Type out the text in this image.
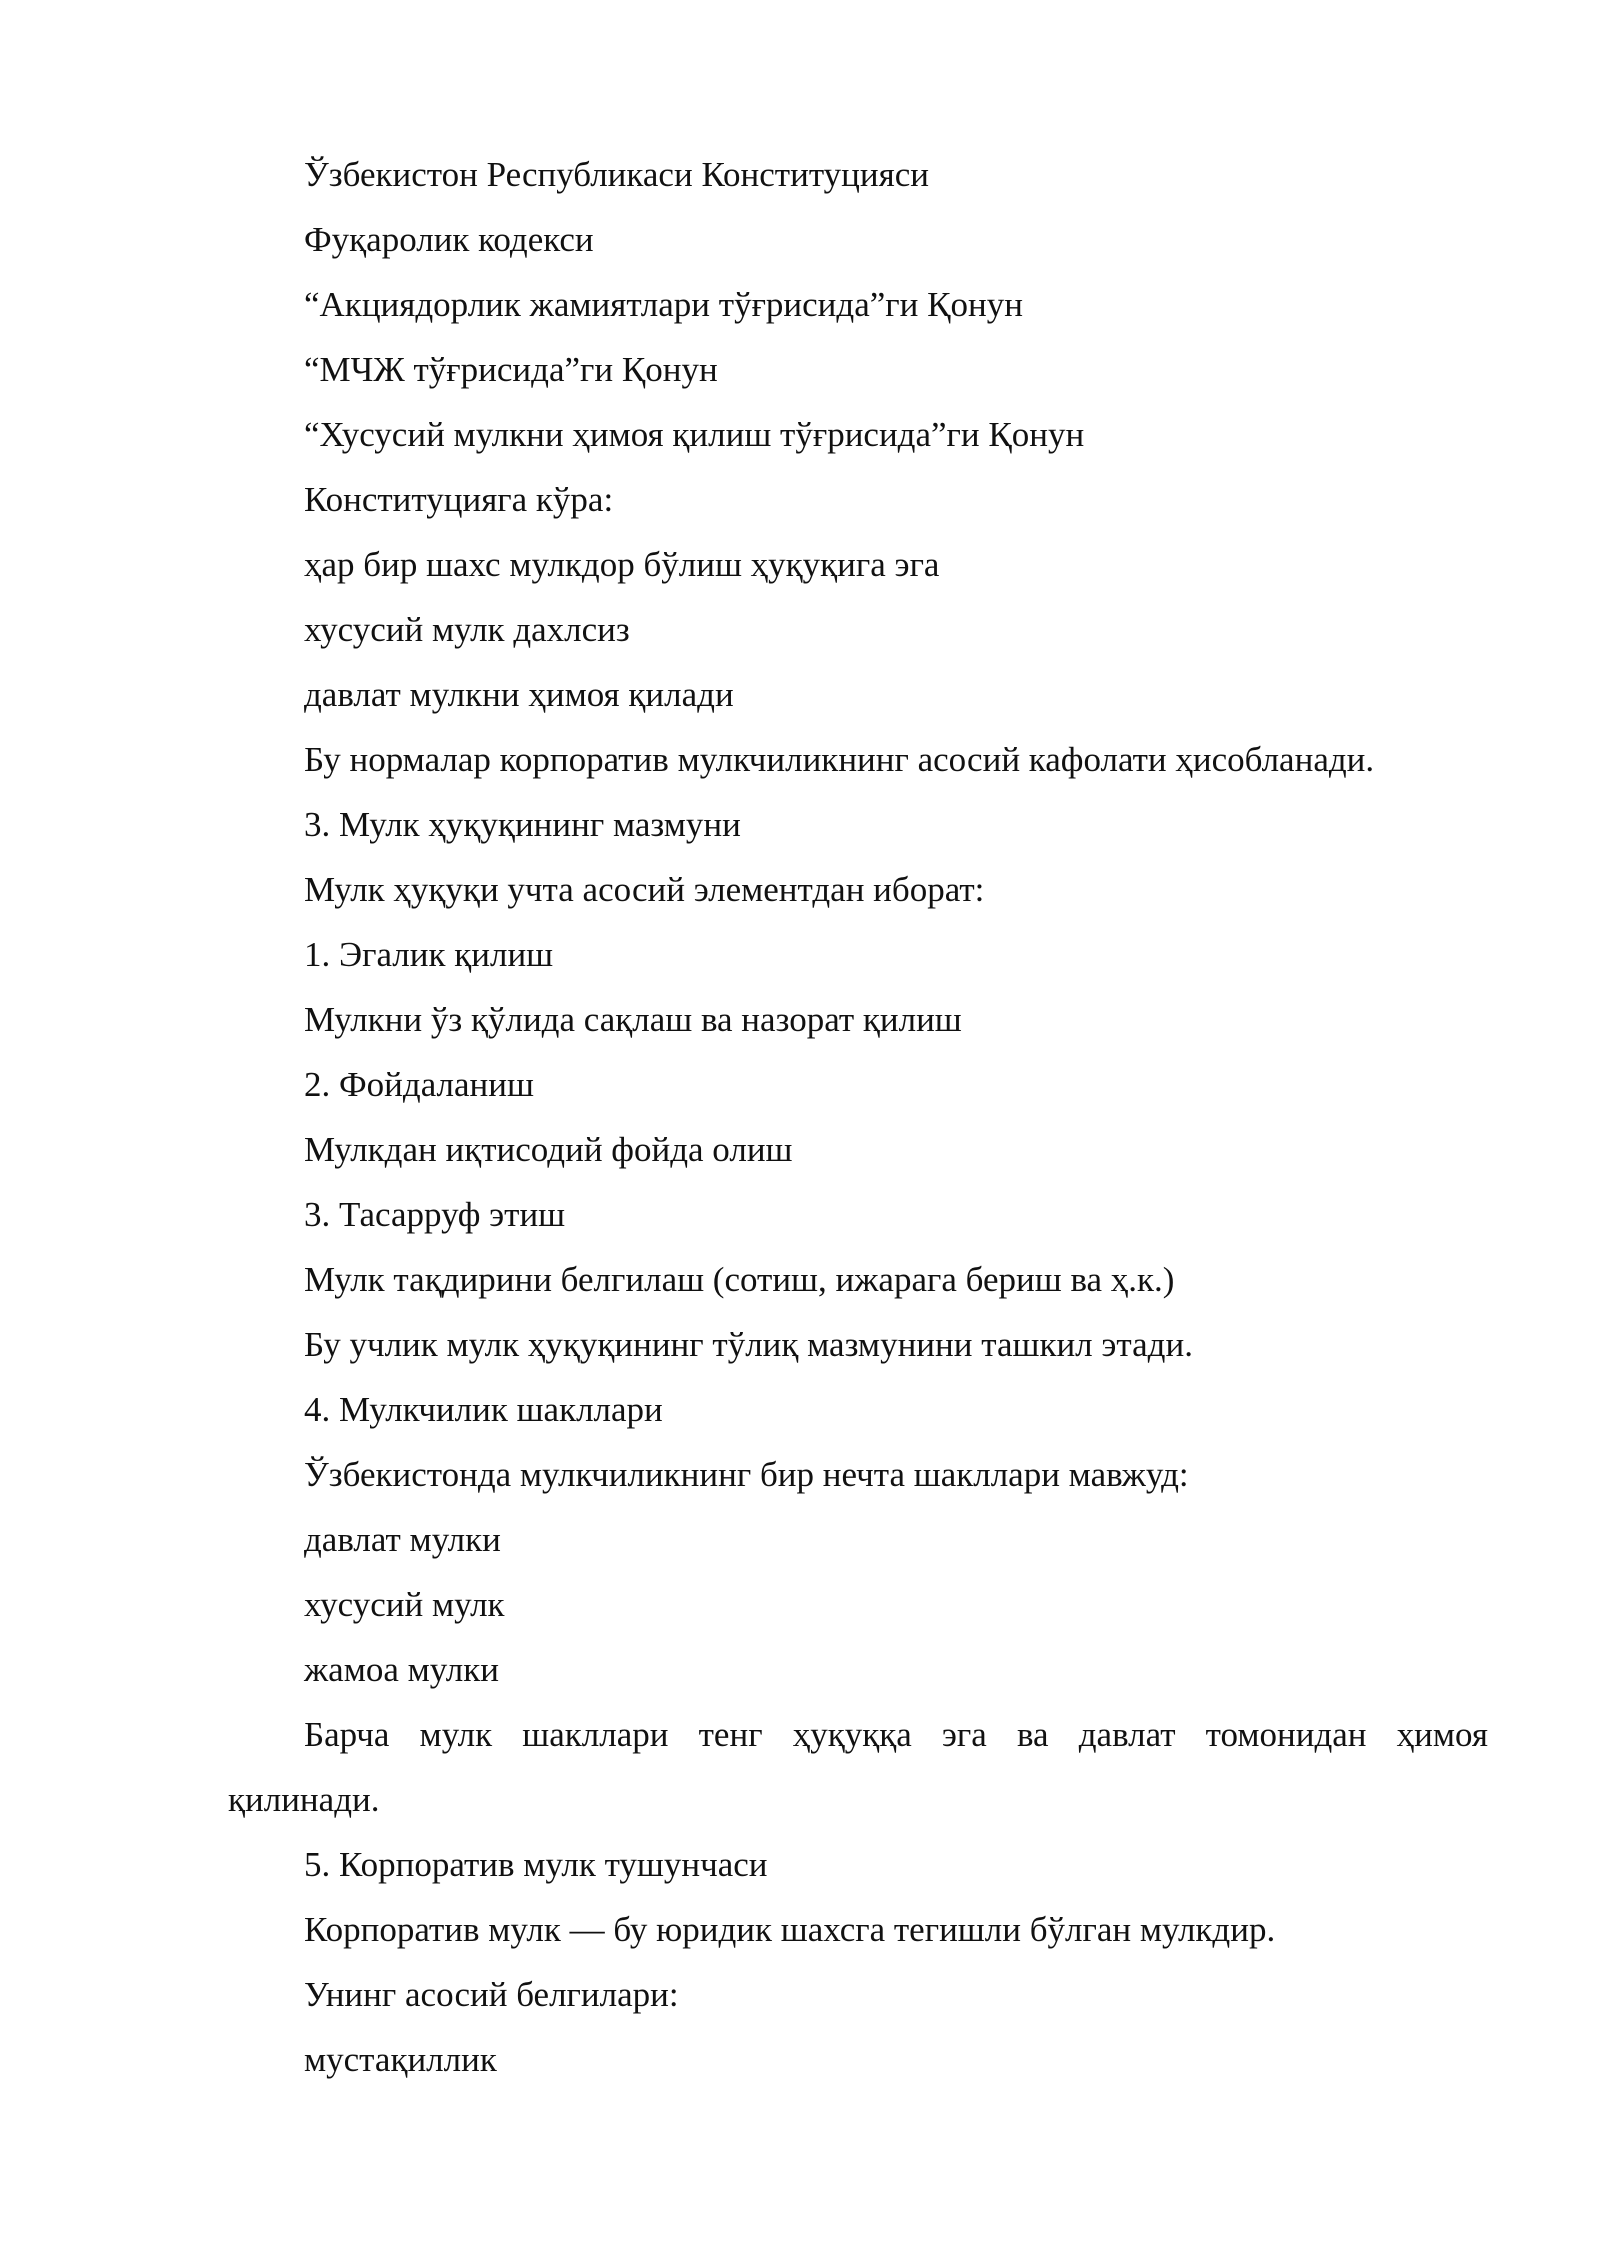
Ўзбекистон Республикаси Конституцияси
Фуқаролик кодекси
“Акциядорлик жамиятлари тўғрисида”ги Қонун
“МЧЖ тўғрисида”ги Қонун
“Хусусий мулкни ҳимоя қилиш тўғрисида”ги Қонун
Конституцияга кўра:
ҳар бир шахс мулкдор бўлиш ҳуқуқига эга
хусусий мулк дахлсиз
давлат мулкни ҳимоя қилади
Бу нормалар корпоратив мулкчиликнинг асосий кафолати ҳисобланади.
3. Мулк ҳуқуқининг мазмуни
Мулк ҳуқуқи учта асосий элементдан иборат:
1. Эгалик қилиш
Мулкни ўз қўлида сақлаш ва назорат қилиш
2. Фойдаланиш
Мулкдан иқтисодий фойда олиш
3. Тасарруф этиш
Мулк тақдирини белгилаш (сотиш, ижарага бериш ва ҳ.к.)
Бу учлик мулк ҳуқуқининг тўлиқ мазмунини ташкил этади.
4. Мулкчилик шакллари
Ўзбекистонда мулкчиликнинг бир нечта шакллари мавжуд:
давлат мулки
хусусий мулк
жамоа мулки
Барча мулк шакллари тенг ҳуқуққа эга ва давлат томонидан ҳимоя
қилинади.
5. Корпоратив мулк тушунчаси
Корпоратив мулк — бу юридик шахсга тегишли бўлган мулкдир.
Унинг асосий белгилари:
мустақиллик
